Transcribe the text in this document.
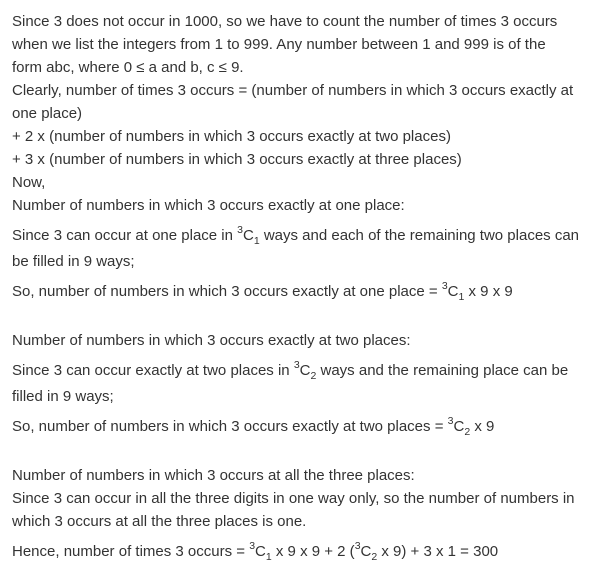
Since 3 does not occur in 1000, so we have to count the number of times 3 occurs
when we list the integers from 1 to 999. Any number between 1 and 999 is of the
form abc, where 0 ≤ a and b, c ≤ 9.
Clearly, number of times 3 occurs = (number of numbers in which 3 occurs exactly at
one place)
+ 2 x (number of numbers in which 3 occurs exactly at two places)
+ 3 x (number of numbers in which 3 occurs exactly at three places)
Now,
Number of numbers in which 3 occurs exactly at one place:
Since 3 can occur at one place in $^3C_1$ ways and each of the remaining two places can
be filled in 9 ways;
So, number of numbers in which 3 occurs exactly at one place = $^3C_1$ x 9 x 9
Number of numbers in which 3 occurs exactly at two places:
Since 3 can occur exactly at two places in $^3C_2$ ways and the remaining place can be
filled in 9 ways;
So, number of numbers in which 3 occurs exactly at two places = $^3C_2$ x 9
Number of numbers in which 3 occurs at all the three places:
Since 3 can occur in all the three digits in one way only, so the number of numbers in
which 3 occurs at all the three places is one.
Hence, number of times 3 occurs = $^3C_1$ x 9 x 9 + 2 ($^3C_2$ x 9) + 3 x 1 = 300
